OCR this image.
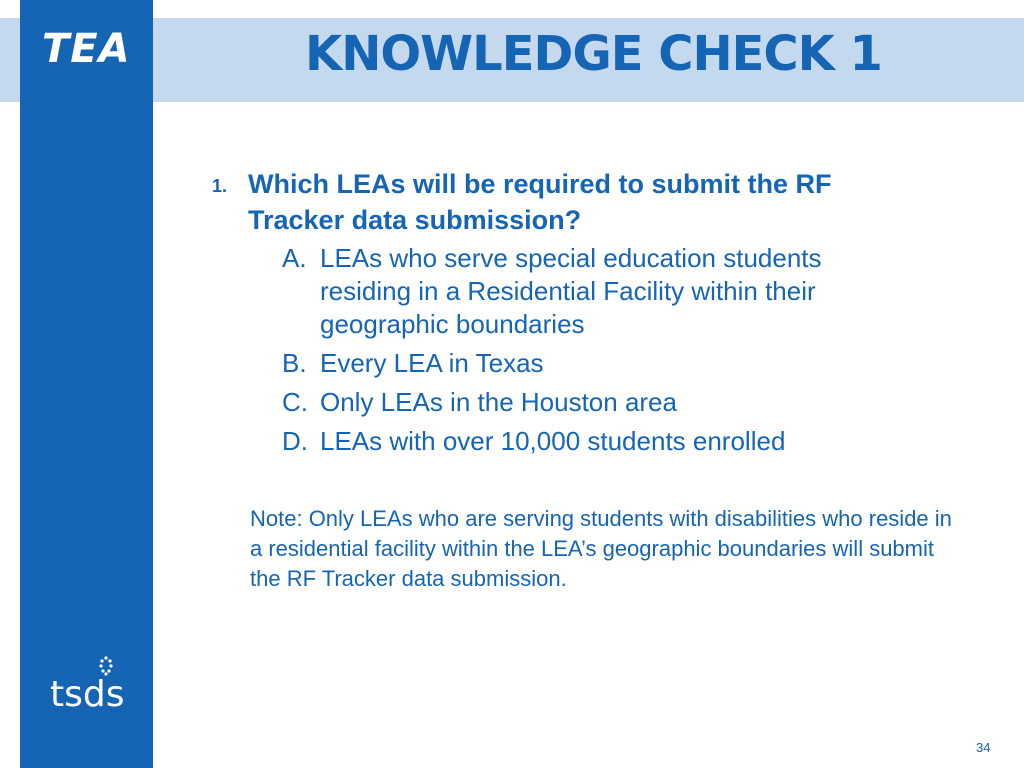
TEA
tsds
KNOWLEDGE CHECK 1
1. Which LEAs will be required to submit the RF Tracker data submission?
A. LEAs who serve special education students residing in a Residential Facility within their geographic boundaries
B. Every LEA in Texas
C. Only LEAs in the Houston area
D. LEAs with over 10,000 students enrolled
Note: Only LEAs who are serving students with disabilities who reside in a residential facility within the LEA’s geographic boundaries will submit the RF Tracker data submission.
34
